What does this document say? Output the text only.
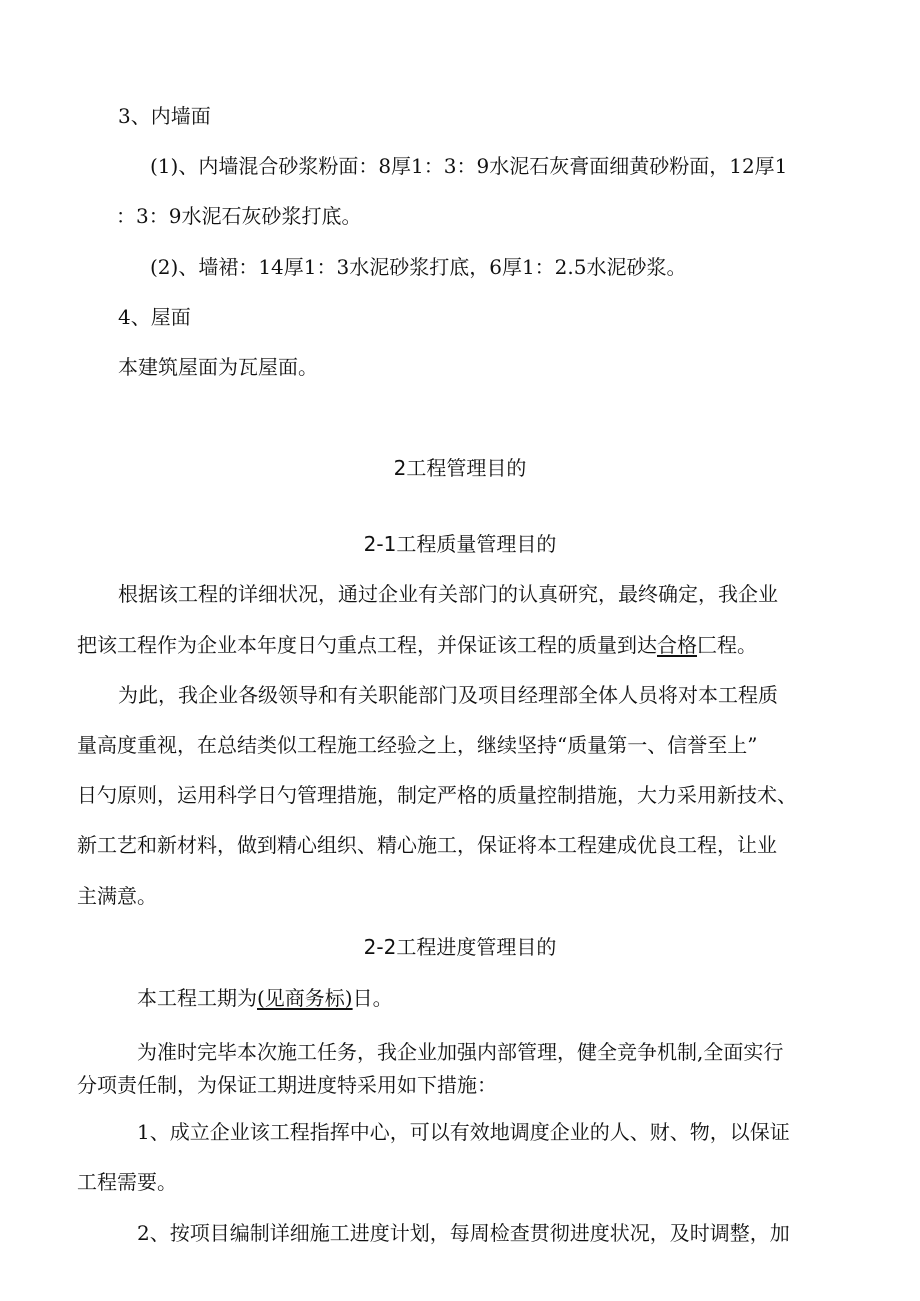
3、内墙面
(1)、内墙混合砂浆粉面：8厚1：3：9水泥石灰膏面细黄砂粉面，12厚1
：3：9水泥石灰砂浆打底。
(2)、墙裙：14厚1：3水泥砂浆打底，6厚1：2.5水泥砂浆。
4、屋面
本建筑屋面为瓦屋面。
2工程管理目的
2-1工程质量管理目的
根据该工程的详细状况，通过企业有关部门的认真研究，最终确定，我企业
把该工程作为企业本年度日勺重点工程，并保证该工程的质量到达合格匚程。
为此，我企业各级领导和有关职能部门及项目经理部全体人员将对本工程质
量高度重视，在总结类似工程施工经验之上，继续坚持“质量第一、信誉至上”
日勺原则，运用科学日勺管理措施，制定严格的质量控制措施，大力采用新技术、
新工艺和新材料，做到精心组织、精心施工，保证将本工程建成优良工程，让业
主满意。
2-2工程进度管理目的
本工程工期为(见商务标)日。
为准时完毕本次施工任务，我企业加强内部管理，健全竞争机制,全面实行
分项责任制，为保证工期进度特采用如下措施：
1、成立企业该工程指挥中心，可以有效地调度企业的人、财、物，以保证
工程需要。
2、按项目编制详细施工进度计划，每周检查贯彻进度状况，及时调整，加
